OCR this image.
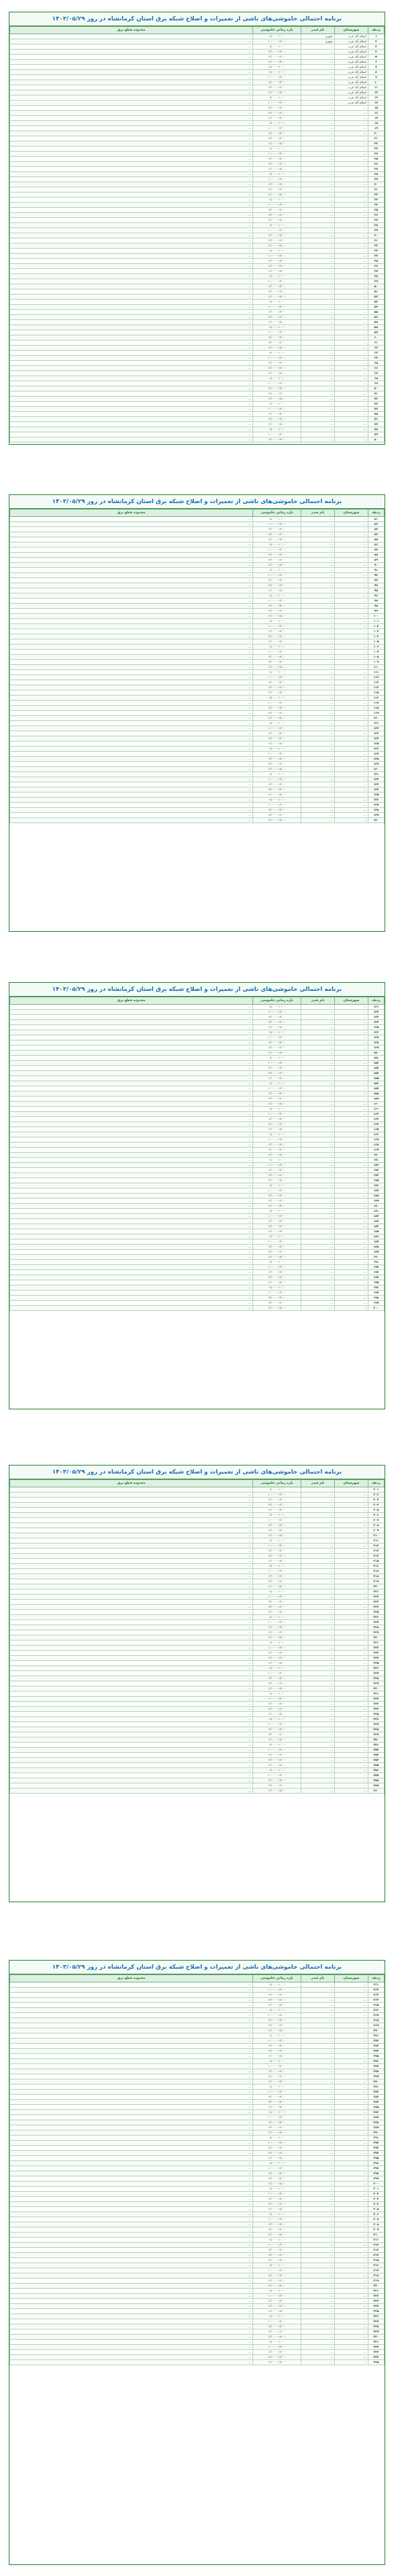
برنامه احتمالی خاموشی‌های ناشی از تعمیرات و اصلاح شبکه برق استان کرمانشاه در روز ۱۴۰۳/۰۵/۲۹
ردیف	شهرستان	نام فیدر	بازه زمانی خاموشی	محدوده قطع برق
۱	اسلام آباد غرب	شهری	۰۸:۰۰ - ۱۰:۰۰	...
۲	اسلام آباد غرب	شهری	۱۰:۰۰ - ۱۲:۰۰	...
۳	اسلام آباد غرب	...	۰۸:۰۰ - ۱۰:۰۰	...
۴	اسلام آباد غرب	...	۱۲:۰۰ - ۱۴:۰۰	...
۵	اسلام آباد غرب	...	۱۴:۰۰ - ۱۶:۰۰	...
۶	اسلام آباد غرب	...	۱۶:۰۰ - ۱۸:۰۰	...
۷	اسلام آباد غرب	...	۱۸:۰۰ - ۲۰:۰۰	...
۸	اسلام آباد غرب	...	۰۸:۰۰ - ۱۰:۰۰	...
۹	اسلام آباد غرب	...	۱۰:۰۰ - ۱۲:۰۰	...
۱۰	اسلام آباد غرب	...	۱۲:۰۰ - ۱۴:۰۰	...
۱۱	اسلام آباد غرب	...	۱۴:۰۰ - ۱۶:۰۰	...
۱۲	اسلام آباد غرب	...	۱۶:۰۰ - ۱۸:۰۰	...
۱۳	اسلام آباد غرب	...	۰۸:۰۰ - ۱۰:۰۰	...
۱۴	اسلام آباد غرب	...	۱۰:۰۰ - ۱۲:۰۰	...
۱۵	...	...	۱۲:۰۰ - ۱۴:۰۰	...
۱۶	...	...	۱۴:۰۰ - ۱۶:۰۰	...
۱۷	...	...	۱۶:۰۰ - ۱۸:۰۰	...
۱۸	...	...	۰۸:۰۰ - ۱۰:۰۰	...
۱۹	...	...	۱۰:۰۰ - ۱۲:۰۰	...
۲۰	...	...	۱۲:۰۰ - ۱۴:۰۰	...
۲۱	...	...	۱۴:۰۰ - ۱۶:۰۰	...
۲۲	...	...	۱۶:۰۰ - ۱۸:۰۰	...
۲۳	...	...	۰۸:۰۰ - ۱۰:۰۰	...
۲۴	...	...	۱۰:۰۰ - ۱۲:۰۰	...
۲۵	...	...	۱۲:۰۰ - ۱۴:۰۰	...
۲۶	...	...	۱۴:۰۰ - ۱۶:۰۰	...
۲۷	...	...	۱۶:۰۰ - ۱۸:۰۰	...
۲۸	...	...	۰۸:۰۰ - ۱۰:۰۰	...
۲۹	...	...	۱۰:۰۰ - ۱۲:۰۰	...
۳۰	...	...	۱۲:۰۰ - ۱۴:۰۰	...
۳۱	...	...	۱۴:۰۰ - ۱۶:۰۰	...
۳۲	...	...	۱۶:۰۰ - ۱۸:۰۰	...
۳۳	...	...	۰۸:۰۰ - ۱۰:۰۰	...
۳۴	...	...	۱۰:۰۰ - ۱۲:۰۰	...
۳۵	...	...	۱۲:۰۰ - ۱۴:۰۰	...
۳۶	...	...	۱۴:۰۰ - ۱۶:۰۰	...
۳۷	...	...	۱۶:۰۰ - ۱۸:۰۰	...
۳۸	...	...	۰۸:۰۰ - ۱۰:۰۰	...
۳۹	...	...	۱۰:۰۰ - ۱۲:۰۰	...
۴۰	...	...	۱۲:۰۰ - ۱۴:۰۰	...
۴۱	...	...	۱۴:۰۰ - ۱۶:۰۰	...
۴۲	...	...	۱۶:۰۰ - ۱۸:۰۰	...
۴۳	...	...	۰۸:۰۰ - ۱۰:۰۰	...
۴۴	...	...	۱۰:۰۰ - ۱۲:۰۰	...
۴۵	...	...	۱۲:۰۰ - ۱۴:۰۰	...
۴۶	...	...	۱۴:۰۰ - ۱۶:۰۰	...
۴۷	...	...	۱۶:۰۰ - ۱۸:۰۰	...
۴۸	...	...	۰۸:۰۰ - ۱۰:۰۰	...
۴۹	...	...	۱۰:۰۰ - ۱۲:۰۰	...
۵۰	...	...	۱۲:۰۰ - ۱۴:۰۰	...
۵۱	...	...	۱۴:۰۰ - ۱۶:۰۰	...
۵۲	...	...	۱۶:۰۰ - ۱۸:۰۰	...
۵۳	...	...	۰۸:۰۰ - ۱۰:۰۰	...
۵۴	...	...	۱۰:۰۰ - ۱۲:۰۰	...
۵۵	...	...	۱۲:۰۰ - ۱۴:۰۰	...
۵۶	...	...	۱۴:۰۰ - ۱۶:۰۰	...
۵۷	...	...	۱۶:۰۰ - ۱۸:۰۰	...
۵۸	...	...	۰۸:۰۰ - ۱۰:۰۰	...
۵۹	...	...	۱۰:۰۰ - ۱۲:۰۰	...
۶۰	...	...	۱۲:۰۰ - ۱۴:۰۰	...
۶۱	...	...	۱۴:۰۰ - ۱۶:۰۰	...
۶۲	...	...	۱۶:۰۰ - ۱۸:۰۰	...
۶۳	...	...	۰۸:۰۰ - ۱۰:۰۰	...
۶۴	...	...	۱۰:۰۰ - ۱۲:۰۰	...
۶۵	...	...	۱۲:۰۰ - ۱۴:۰۰	...
۶۶	...	...	۱۴:۰۰ - ۱۶:۰۰	...
۶۷	...	...	۱۶:۰۰ - ۱۸:۰۰	...
۶۸	...	...	۰۸:۰۰ - ۱۰:۰۰	...
۶۹	...	...	۱۰:۰۰ - ۱۲:۰۰	...
۷۰	...	...	۱۲:۰۰ - ۱۴:۰۰	...
۷۱	...	...	۱۴:۰۰ - ۱۶:۰۰	...
۷۲	...	...	۱۶:۰۰ - ۱۸:۰۰	...
۷۳	...	...	۰۸:۰۰ - ۱۰:۰۰	...
۷۴	...	...	۱۰:۰۰ - ۱۲:۰۰	...
۷۵	...	...	۱۲:۰۰ - ۱۴:۰۰	...
۷۶	...	...	۱۴:۰۰ - ۱۶:۰۰	...
۷۷	...	...	۱۶:۰۰ - ۱۸:۰۰	...
۷۸	...	...	۰۸:۰۰ - ۱۰:۰۰	...
۷۹	...	...	۱۰:۰۰ - ۱۲:۰۰	...
۸۰	...	...	۱۲:۰۰ - ۱۴:۰۰	...
برنامه احتمالی خاموشی‌های ناشی از تعمیرات و اصلاح شبکه برق استان کرمانشاه در روز ۱۴۰۳/۰۵/۲۹
ردیف	شهرستان	نام فیدر	بازه زمانی خاموشی	محدوده قطع برق
۸۱	...	...	۰۸:۰۰ - ۱۰:۰۰	...
۸۲	...	...	۱۰:۰۰ - ۱۲:۰۰	...
۸۳	...	...	۱۲:۰۰ - ۱۴:۰۰	...
۸۴	...	...	۱۴:۰۰ - ۱۶:۰۰	...
۸۵	...	...	۱۶:۰۰ - ۱۸:۰۰	...
۸۶	...	...	۰۸:۰۰ - ۱۰:۰۰	...
۸۷	...	...	۱۰:۰۰ - ۱۲:۰۰	...
۸۸	...	...	۱۲:۰۰ - ۱۴:۰۰	...
۸۹	...	...	۱۴:۰۰ - ۱۶:۰۰	...
۹۰	...	...	۱۶:۰۰ - ۱۸:۰۰	...
۹۱	...	...	۰۸:۰۰ - ۱۰:۰۰	...
۹۲	...	...	۱۰:۰۰ - ۱۲:۰۰	...
۹۳	...	...	۱۲:۰۰ - ۱۴:۰۰	...
۹۴	...	...	۱۴:۰۰ - ۱۶:۰۰	...
۹۵	...	...	۱۶:۰۰ - ۱۸:۰۰	...
۹۶	...	...	۰۸:۰۰ - ۱۰:۰۰	...
۹۷	...	...	۱۰:۰۰ - ۱۲:۰۰	...
۹۸	...	...	۱۲:۰۰ - ۱۴:۰۰	...
۹۹	...	...	۱۴:۰۰ - ۱۶:۰۰	...
۱۰۰	...	...	۱۶:۰۰ - ۱۸:۰۰	...
۱۰۱	...	...	۰۸:۰۰ - ۱۰:۰۰	...
۱۰۲	...	...	۱۰:۰۰ - ۱۲:۰۰	...
۱۰۳	...	...	۱۲:۰۰ - ۱۴:۰۰	...
۱۰۴	...	...	۱۴:۰۰ - ۱۶:۰۰	...
۱۰۵	...	...	۱۶:۰۰ - ۱۸:۰۰	...
۱۰۶	...	...	۰۸:۰۰ - ۱۰:۰۰	...
۱۰۷	...	...	۱۰:۰۰ - ۱۲:۰۰	...
۱۰۸	...	...	۱۲:۰۰ - ۱۴:۰۰	...
۱۰۹	...	...	۱۴:۰۰ - ۱۶:۰۰	...
۱۱۰	...	...	۱۶:۰۰ - ۱۸:۰۰	...
۱۱۱	...	...	۰۸:۰۰ - ۱۰:۰۰	...
۱۱۲	...	...	۱۰:۰۰ - ۱۲:۰۰	...
۱۱۳	...	...	۱۲:۰۰ - ۱۴:۰۰	...
۱۱۴	...	...	۱۴:۰۰ - ۱۶:۰۰	...
۱۱۵	...	...	۱۶:۰۰ - ۱۸:۰۰	...
۱۱۶	...	...	۰۸:۰۰ - ۱۰:۰۰	...
۱۱۷	...	...	۱۰:۰۰ - ۱۲:۰۰	...
۱۱۸	...	...	۱۲:۰۰ - ۱۴:۰۰	...
۱۱۹	...	...	۱۴:۰۰ - ۱۶:۰۰	...
۱۲۰	...	...	۱۶:۰۰ - ۱۸:۰۰	...
۱۲۱	...	...	۰۸:۰۰ - ۱۰:۰۰	...
۱۲۲	...	...	۱۰:۰۰ - ۱۲:۰۰	...
۱۲۳	...	...	۱۲:۰۰ - ۱۴:۰۰	...
۱۲۴	...	...	۱۴:۰۰ - ۱۶:۰۰	...
۱۲۵	...	...	۱۶:۰۰ - ۱۸:۰۰	...
۱۲۶	...	...	۰۸:۰۰ - ۱۰:۰۰	...
۱۲۷	...	...	۱۰:۰۰ - ۱۲:۰۰	...
۱۲۸	...	...	۱۲:۰۰ - ۱۴:۰۰	...
۱۲۹	...	...	۱۴:۰۰ - ۱۶:۰۰	...
۱۳۰	...	...	۱۶:۰۰ - ۱۸:۰۰	...
۱۳۱	...	...	۰۸:۰۰ - ۱۰:۰۰	...
۱۳۲	...	...	۱۰:۰۰ - ۱۲:۰۰	...
۱۳۳	...	...	۱۲:۰۰ - ۱۴:۰۰	...
۱۳۴	...	...	۱۴:۰۰ - ۱۶:۰۰	...
۱۳۵	...	...	۱۶:۰۰ - ۱۸:۰۰	...
۱۳۶	...	...	۰۸:۰۰ - ۱۰:۰۰	...
۱۳۷	...	...	۱۰:۰۰ - ۱۲:۰۰	...
۱۳۸	...	...	۱۲:۰۰ - ۱۴:۰۰	...
۱۳۹	...	...	۱۴:۰۰ - ۱۶:۰۰	...
۱۴۰	...	...	۱۶:۰۰ - ۱۸:۰۰	...
برنامه احتمالی خاموشی‌های ناشی از تعمیرات و اصلاح شبکه برق استان کرمانشاه در روز ۱۴۰۳/۰۵/۲۹
ردیف	شهرستان	نام فیدر	بازه زمانی خاموشی	محدوده قطع برق
۱۴۱	...	...	۰۸:۰۰ - ۱۰:۰۰	...
۱۴۲	...	...	۱۰:۰۰ - ۱۲:۰۰	...
۱۴۳	...	...	۱۲:۰۰ - ۱۴:۰۰	...
۱۴۴	...	...	۱۴:۰۰ - ۱۶:۰۰	...
۱۴۵	...	...	۱۶:۰۰ - ۱۸:۰۰	...
۱۴۶	...	...	۰۸:۰۰ - ۱۰:۰۰	...
۱۴۷	...	...	۱۰:۰۰ - ۱۲:۰۰	...
۱۴۸	...	...	۱۲:۰۰ - ۱۴:۰۰	...
۱۴۹	...	...	۱۴:۰۰ - ۱۶:۰۰	...
۱۵۰	...	...	۱۶:۰۰ - ۱۸:۰۰	...
۱۵۱	...	...	۰۸:۰۰ - ۱۰:۰۰	...
۱۵۲	...	...	۱۰:۰۰ - ۱۲:۰۰	...
۱۵۳	...	...	۱۲:۰۰ - ۱۴:۰۰	...
۱۵۴	...	...	۱۴:۰۰ - ۱۶:۰۰	...
۱۵۵	...	...	۱۶:۰۰ - ۱۸:۰۰	...
۱۵۶	...	...	۰۸:۰۰ - ۱۰:۰۰	...
۱۵۷	...	...	۱۰:۰۰ - ۱۲:۰۰	...
۱۵۸	...	...	۱۲:۰۰ - ۱۴:۰۰	...
۱۵۹	...	...	۱۴:۰۰ - ۱۶:۰۰	...
۱۶۰	...	...	۱۶:۰۰ - ۱۸:۰۰	...
۱۶۱	...	...	۰۸:۰۰ - ۱۰:۰۰	...
۱۶۲	...	...	۱۰:۰۰ - ۱۲:۰۰	...
۱۶۳	...	...	۱۲:۰۰ - ۱۴:۰۰	...
۱۶۴	...	...	۱۴:۰۰ - ۱۶:۰۰	...
۱۶۵	...	...	۱۶:۰۰ - ۱۸:۰۰	...
۱۶۶	...	...	۰۸:۰۰ - ۱۰:۰۰	...
۱۶۷	...	...	۱۰:۰۰ - ۱۲:۰۰	...
۱۶۸	...	...	۱۲:۰۰ - ۱۴:۰۰	...
۱۶۹	...	...	۱۴:۰۰ - ۱۶:۰۰	...
۱۷۰	...	...	۱۶:۰۰ - ۱۸:۰۰	...
۱۷۱	...	...	۰۸:۰۰ - ۱۰:۰۰	...
۱۷۲	...	...	۱۰:۰۰ - ۱۲:۰۰	...
۱۷۳	...	...	۱۲:۰۰ - ۱۴:۰۰	...
۱۷۴	...	...	۱۴:۰۰ - ۱۶:۰۰	...
۱۷۵	...	...	۱۶:۰۰ - ۱۸:۰۰	...
۱۷۶	...	...	۰۸:۰۰ - ۱۰:۰۰	...
۱۷۷	...	...	۱۰:۰۰ - ۱۲:۰۰	...
۱۷۸	...	...	۱۲:۰۰ - ۱۴:۰۰	...
۱۷۹	...	...	۱۴:۰۰ - ۱۶:۰۰	...
۱۸۰	...	...	۱۶:۰۰ - ۱۸:۰۰	...
۱۸۱	...	...	۰۸:۰۰ - ۱۰:۰۰	...
۱۸۲	...	...	۱۰:۰۰ - ۱۲:۰۰	...
۱۸۳	...	...	۱۲:۰۰ - ۱۴:۰۰	...
۱۸۴	...	...	۱۴:۰۰ - ۱۶:۰۰	...
۱۸۵	...	...	۱۶:۰۰ - ۱۸:۰۰	...
۱۸۶	...	...	۰۸:۰۰ - ۱۰:۰۰	...
۱۸۷	...	...	۱۰:۰۰ - ۱۲:۰۰	...
۱۸۸	...	...	۱۲:۰۰ - ۱۴:۰۰	...
۱۸۹	...	...	۱۴:۰۰ - ۱۶:۰۰	...
۱۹۰	...	...	۱۶:۰۰ - ۱۸:۰۰	...
۱۹۱	...	...	۰۸:۰۰ - ۱۰:۰۰	...
۱۹۲	...	...	۱۰:۰۰ - ۱۲:۰۰	...
۱۹۳	...	...	۱۲:۰۰ - ۱۴:۰۰	...
۱۹۴	...	...	۱۴:۰۰ - ۱۶:۰۰	...
۱۹۵	...	...	۱۶:۰۰ - ۱۸:۰۰	...
۱۹۶	...	...	۰۸:۰۰ - ۱۰:۰۰	...
۱۹۷	...	...	۱۰:۰۰ - ۱۲:۰۰	...
۱۹۸	...	...	۱۲:۰۰ - ۱۴:۰۰	...
۱۹۹	...	...	۱۴:۰۰ - ۱۶:۰۰	...
۲۰۰	...	...	۱۶:۰۰ - ۱۸:۰۰	...
برنامه احتمالی خاموشی‌های ناشی از تعمیرات و اصلاح شبکه برق استان کرمانشاه در روز ۱۴۰۳/۰۵/۲۹
ردیف	شهرستان	نام فیدر	بازه زمانی خاموشی	محدوده قطع برق
۲۰۱	...	...	۰۸:۰۰ - ۱۰:۰۰	...
۲۰۲	...	...	۱۰:۰۰ - ۱۲:۰۰	...
۲۰۳	...	...	۱۲:۰۰ - ۱۴:۰۰	...
۲۰۴	...	...	۱۴:۰۰ - ۱۶:۰۰	...
۲۰۵	...	...	۱۶:۰۰ - ۱۸:۰۰	...
۲۰۶	...	...	۰۸:۰۰ - ۱۰:۰۰	...
۲۰۷	...	...	۱۰:۰۰ - ۱۲:۰۰	...
۲۰۸	...	...	۱۲:۰۰ - ۱۴:۰۰	...
۲۰۹	...	...	۱۴:۰۰ - ۱۶:۰۰	...
۲۱۰	...	...	۱۶:۰۰ - ۱۸:۰۰	...
۲۱۱	...	...	۰۸:۰۰ - ۱۰:۰۰	...
۲۱۲	...	...	۱۰:۰۰ - ۱۲:۰۰	...
۲۱۳	...	...	۱۲:۰۰ - ۱۴:۰۰	...
۲۱۴	...	...	۱۴:۰۰ - ۱۶:۰۰	...
۲۱۵	...	...	۱۶:۰۰ - ۱۸:۰۰	...
۲۱۶	...	...	۰۸:۰۰ - ۱۰:۰۰	...
۲۱۷	...	...	۱۰:۰۰ - ۱۲:۰۰	...
۲۱۸	...	...	۱۲:۰۰ - ۱۴:۰۰	...
۲۱۹	...	...	۱۴:۰۰ - ۱۶:۰۰	...
۲۲۰	...	...	۱۶:۰۰ - ۱۸:۰۰	...
۲۲۱	...	...	۰۸:۰۰ - ۱۰:۰۰	...
۲۲۲	...	...	۱۰:۰۰ - ۱۲:۰۰	...
۲۲۳	...	...	۱۲:۰۰ - ۱۴:۰۰	...
۲۲۴	...	...	۱۴:۰۰ - ۱۶:۰۰	...
۲۲۵	...	...	۱۶:۰۰ - ۱۸:۰۰	...
۲۲۶	...	...	۰۸:۰۰ - ۱۰:۰۰	...
۲۲۷	...	...	۱۰:۰۰ - ۱۲:۰۰	...
۲۲۸	...	...	۱۲:۰۰ - ۱۴:۰۰	...
۲۲۹	...	...	۱۴:۰۰ - ۱۶:۰۰	...
۲۳۰	...	...	۱۶:۰۰ - ۱۸:۰۰	...
۲۳۱	...	...	۰۸:۰۰ - ۱۰:۰۰	...
۲۳۲	...	...	۱۰:۰۰ - ۱۲:۰۰	...
۲۳۳	...	...	۱۲:۰۰ - ۱۴:۰۰	...
۲۳۴	...	...	۱۴:۰۰ - ۱۶:۰۰	...
۲۳۵	...	...	۱۶:۰۰ - ۱۸:۰۰	...
۲۳۶	...	...	۰۸:۰۰ - ۱۰:۰۰	...
۲۳۷	...	...	۱۰:۰۰ - ۱۲:۰۰	...
۲۳۸	...	...	۱۲:۰۰ - ۱۴:۰۰	...
۲۳۹	...	...	۱۴:۰۰ - ۱۶:۰۰	...
۲۴۰	...	...	۱۶:۰۰ - ۱۸:۰۰	...
۲۴۱	...	...	۰۸:۰۰ - ۱۰:۰۰	...
۲۴۲	...	...	۱۰:۰۰ - ۱۲:۰۰	...
۲۴۳	...	...	۱۲:۰۰ - ۱۴:۰۰	...
۲۴۴	...	...	۱۴:۰۰ - ۱۶:۰۰	...
۲۴۵	...	...	۱۶:۰۰ - ۱۸:۰۰	...
۲۴۶	...	...	۰۸:۰۰ - ۱۰:۰۰	...
۲۴۷	...	...	۱۰:۰۰ - ۱۲:۰۰	...
۲۴۸	...	...	۱۲:۰۰ - ۱۴:۰۰	...
۲۴۹	...	...	۱۴:۰۰ - ۱۶:۰۰	...
۲۵۰	...	...	۱۶:۰۰ - ۱۸:۰۰	...
۲۵۱	...	...	۰۸:۰۰ - ۱۰:۰۰	...
۲۵۲	...	...	۱۰:۰۰ - ۱۲:۰۰	...
۲۵۳	...	...	۱۲:۰۰ - ۱۴:۰۰	...
۲۵۴	...	...	۱۴:۰۰ - ۱۶:۰۰	...
۲۵۵	...	...	۱۶:۰۰ - ۱۸:۰۰	...
۲۵۶	...	...	۰۸:۰۰ - ۱۰:۰۰	...
۲۵۷	...	...	۱۰:۰۰ - ۱۲:۰۰	...
۲۵۸	...	...	۱۲:۰۰ - ۱۴:۰۰	...
۲۵۹	...	...	۱۴:۰۰ - ۱۶:۰۰	...
۲۶۰	...	...	۱۶:۰۰ - ۱۸:۰۰	...
برنامه احتمالی خاموشی‌های ناشی از تعمیرات و اصلاح شبکه برق استان کرمانشاه در روز ۱۴۰۳/۰۵/۲۹
ردیف	شهرستان	نام فیدر	بازه زمانی خاموشی	محدوده قطع برق
۲۶۱	...	...	۰۸:۰۰ - ۱۰:۰۰	...
۲۶۲	...	...	۱۰:۰۰ - ۱۲:۰۰	...
۲۶۳	...	...	۱۲:۰۰ - ۱۴:۰۰	...
۲۶۴	...	...	۱۴:۰۰ - ۱۶:۰۰	...
۲۶۵	...	...	۱۶:۰۰ - ۱۸:۰۰	...
۲۶۶	...	...	۰۸:۰۰ - ۱۰:۰۰	...
۲۶۷	...	...	۱۰:۰۰ - ۱۲:۰۰	...
۲۶۸	...	...	۱۲:۰۰ - ۱۴:۰۰	...
۲۶۹	...	...	۱۴:۰۰ - ۱۶:۰۰	...
۲۷۰	...	...	۱۶:۰۰ - ۱۸:۰۰	...
۲۷۱	...	...	۰۸:۰۰ - ۱۰:۰۰	...
۲۷۲	...	...	۱۰:۰۰ - ۱۲:۰۰	...
۲۷۳	...	...	۱۲:۰۰ - ۱۴:۰۰	...
۲۷۴	...	...	۱۴:۰۰ - ۱۶:۰۰	...
۲۷۵	...	...	۱۶:۰۰ - ۱۸:۰۰	...
۲۷۶	...	...	۰۸:۰۰ - ۱۰:۰۰	...
۲۷۷	...	...	۱۰:۰۰ - ۱۲:۰۰	...
۲۷۸	...	...	۱۲:۰۰ - ۱۴:۰۰	...
۲۷۹	...	...	۱۴:۰۰ - ۱۶:۰۰	...
۲۸۰	...	...	۱۶:۰۰ - ۱۸:۰۰	...
۲۸۱	...	...	۰۸:۰۰ - ۱۰:۰۰	...
۲۸۲	...	...	۱۰:۰۰ - ۱۲:۰۰	...
۲۸۳	...	...	۱۲:۰۰ - ۱۴:۰۰	...
۲۸۴	...	...	۱۴:۰۰ - ۱۶:۰۰	...
۲۸۵	...	...	۱۶:۰۰ - ۱۸:۰۰	...
۲۸۶	...	...	۰۸:۰۰ - ۱۰:۰۰	...
۲۸۷	...	...	۱۰:۰۰ - ۱۲:۰۰	...
۲۸۸	...	...	۱۲:۰۰ - ۱۴:۰۰	...
۲۸۹	...	...	۱۴:۰۰ - ۱۶:۰۰	...
۲۹۰	...	...	۱۶:۰۰ - ۱۸:۰۰	...
۲۹۱	...	...	۰۸:۰۰ - ۱۰:۰۰	...
۲۹۲	...	...	۱۰:۰۰ - ۱۲:۰۰	...
۲۹۳	...	...	۱۲:۰۰ - ۱۴:۰۰	...
۲۹۴	...	...	۱۴:۰۰ - ۱۶:۰۰	...
۲۹۵	...	...	۱۶:۰۰ - ۱۸:۰۰	...
۲۹۶	...	...	۰۸:۰۰ - ۱۰:۰۰	...
۲۹۷	...	...	۱۰:۰۰ - ۱۲:۰۰	...
۲۹۸	...	...	۱۲:۰۰ - ۱۴:۰۰	...
۲۹۹	...	...	۱۴:۰۰ - ۱۶:۰۰	...
۳۰۰	...	...	۱۶:۰۰ - ۱۸:۰۰	...
۳۰۱	...	...	۰۸:۰۰ - ۱۰:۰۰	...
۳۰۲	...	...	۱۰:۰۰ - ۱۲:۰۰	...
۳۰۳	...	...	۱۲:۰۰ - ۱۴:۰۰	...
۳۰۴	...	...	۱۴:۰۰ - ۱۶:۰۰	...
۳۰۵	...	...	۱۶:۰۰ - ۱۸:۰۰	...
۳۰۶	...	...	۰۸:۰۰ - ۱۰:۰۰	...
۳۰۷	...	...	۱۰:۰۰ - ۱۲:۰۰	...
۳۰۸	...	...	۱۲:۰۰ - ۱۴:۰۰	...
۳۰۹	...	...	۱۴:۰۰ - ۱۶:۰۰	...
۳۱۰	...	...	۱۶:۰۰ - ۱۸:۰۰	...
۳۱۱	...	...	۰۸:۰۰ - ۱۰:۰۰	...
۳۱۲	...	...	۱۰:۰۰ - ۱۲:۰۰	...
۳۱۳	...	...	۱۲:۰۰ - ۱۴:۰۰	...
۳۱۴	...	...	۱۴:۰۰ - ۱۶:۰۰	...
۳۱۵	...	...	۱۶:۰۰ - ۱۸:۰۰	...
۳۱۶	...	...	۰۸:۰۰ - ۱۰:۰۰	...
۳۱۷	...	...	۱۰:۰۰ - ۱۲:۰۰	...
۳۱۸	...	...	۱۲:۰۰ - ۱۴:۰۰	...
۳۱۹	...	...	۱۴:۰۰ - ۱۶:۰۰	...
۳۲۰	...	...	۱۶:۰۰ - ۱۸:۰۰	...
۳۲۱	...	...	۰۸:۰۰ - ۱۰:۰۰	...
۳۲۲	...	...	۱۰:۰۰ - ۱۲:۰۰	...
۳۲۳	...	...	۱۲:۰۰ - ۱۴:۰۰	...
۳۲۴	...	...	۱۴:۰۰ - ۱۶:۰۰	...
۳۲۵	...	...	۱۶:۰۰ - ۱۸:۰۰	...
۳۲۶	...	...	۰۸:۰۰ - ۱۰:۰۰	...
۳۲۷	...	...	۱۰:۰۰ - ۱۲:۰۰	...
۳۲۸	...	...	۱۲:۰۰ - ۱۴:۰۰	...
۳۲۹	...	...	۱۴:۰۰ - ۱۶:۰۰	...
۳۳۰	...	...	۱۶:۰۰ - ۱۸:۰۰	...
۳۳۱	...	...	۰۸:۰۰ - ۱۰:۰۰	...
۳۳۲	...	...	۱۰:۰۰ - ۱۲:۰۰	...
۳۳۳	...	...	۱۲:۰۰ - ۱۴:۰۰	...
۳۳۴	...	...	۱۴:۰۰ - ۱۶:۰۰	...
۳۳۵	...	...	۱۶:۰۰ - ۱۸:۰۰	...
